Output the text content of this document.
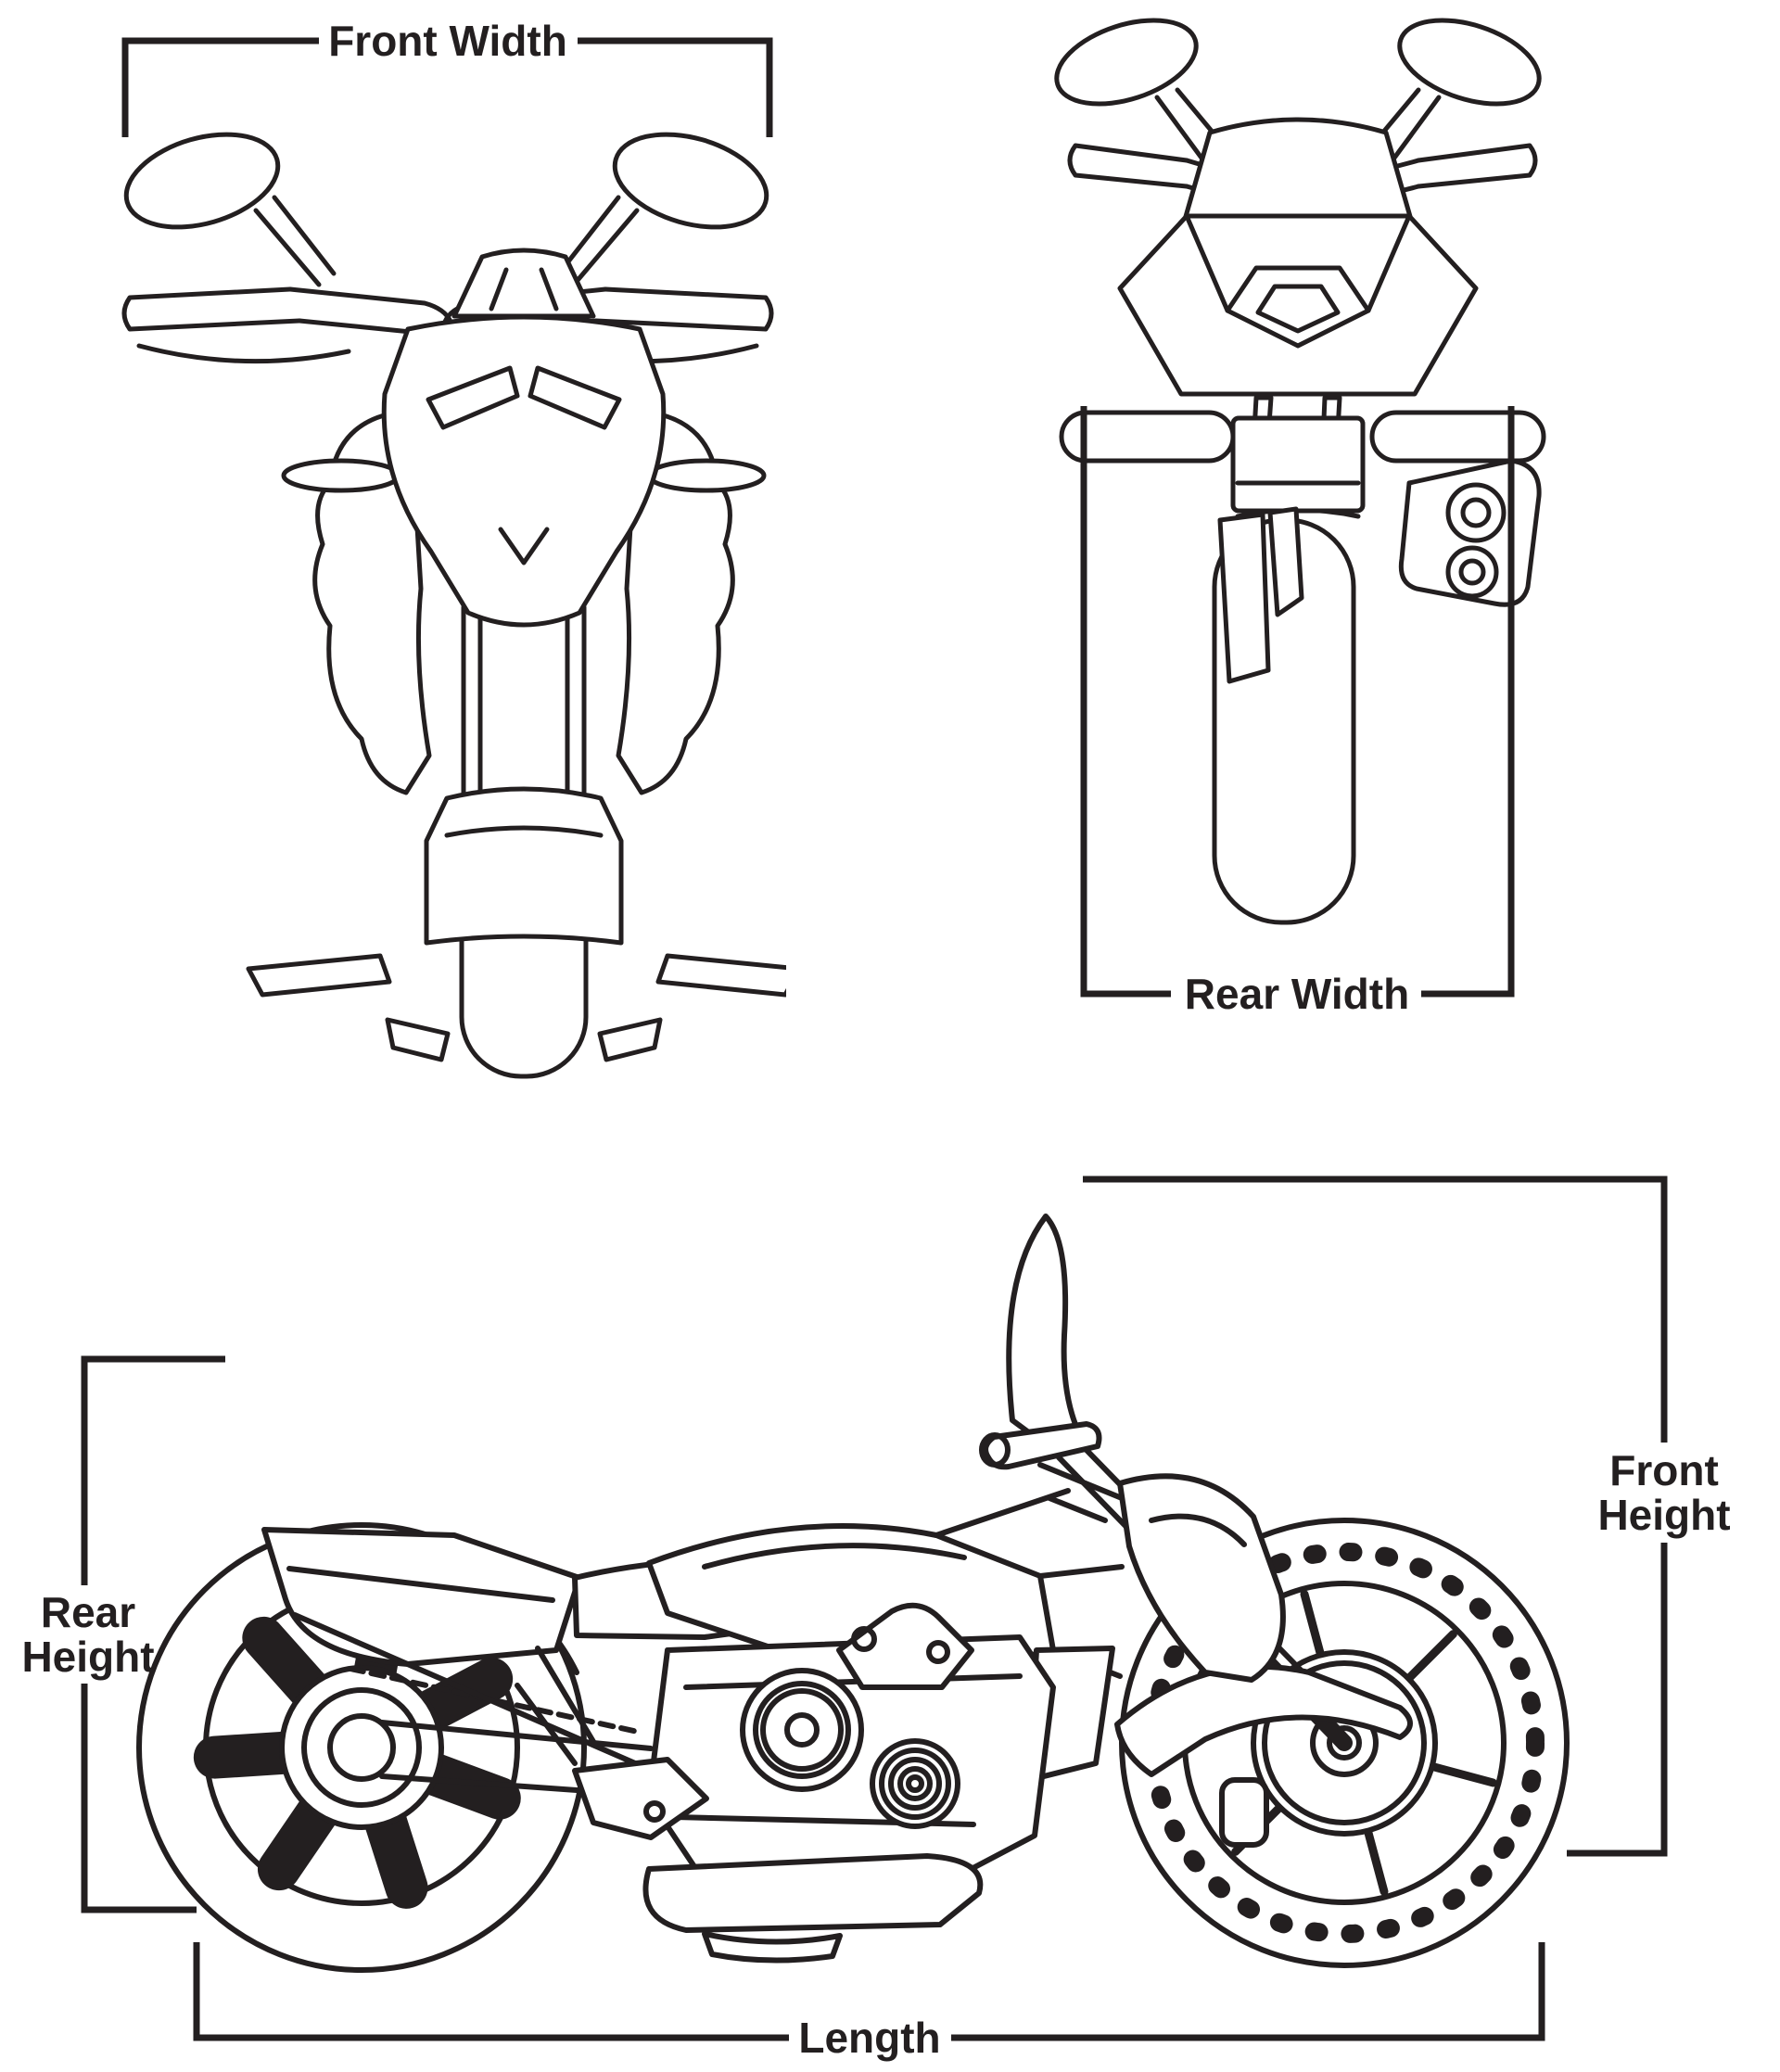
Front Width
Rear Width
Rear
Height
Front
Height
Length
